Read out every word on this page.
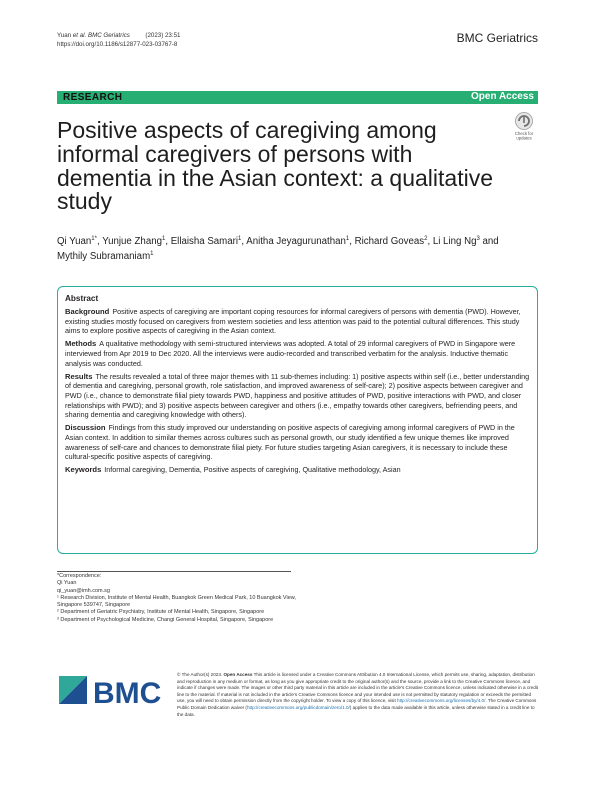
Yuan et al. BMC Geriatrics (2023) 23:51
https://doi.org/10.1186/s12877-023-03767-8	BMC Geriatrics
RESEARCH	Open Access
Positive aspects of caregiving among informal caregivers of persons with dementia in the Asian context: a qualitative study
Check for
updates
Qi Yuan$^{1*}$, Yunjue Zhang$^1$, Ellaisha Samari$^1$, Anitha Jeyagurunathan$^1$, Richard Goveas$^2$, Li Ling Ng$^3$ and Mythily Subramaniam$^1$
Abstract
Background Positive aspects of caregiving are important coping resources for informal caregivers of persons with dementia (PWD). However, existing studies mostly focused on caregivers from western societies and less attention was paid to the potential cultural differences. This study aims to explore positive aspects of caregiving in the Asian context.
Methods A qualitative methodology with semi-structured interviews was adopted. A total of 29 informal caregivers of PWD in Singapore were interviewed from Apr 2019 to Dec 2020. All the interviews were audio-recorded and transcribed verbatim for the analysis. Inductive thematic analysis was conducted.
Results The results revealed a total of three major themes with 11 sub-themes including: 1) positive aspects within self (i.e., better understanding of dementia and caregiving, personal growth, role satisfaction, and improved awareness of self-care); 2) positive aspects between caregiver and PWD (i.e., chance to demonstrate filial piety towards PWD, happiness and positive attitudes of PWD, positive interactions with PWD, and closer relationships with PWD); and 3) positive aspects between caregiver and others (i.e., empathy towards other caregivers, befriending peers, and sharing dementia and caregiving knowledge with others).
Discussion Findings from this study improved our understanding on positive aspects of caregiving among informal caregivers of PWD in the Asian context. In addition to similar themes across cultures such as personal growth, our study identified a few unique themes like improved awareness of self-care and chances to demonstrate filial piety. For future studies targeting Asian caregivers, it is necessary to include these cultural-specific positive aspects of caregiving.
Keywords Informal caregiving, Dementia, Positive aspects of caregiving, Qualitative methodology, Asian
*Correspondence:
Qi Yuan
qi_yuan@imh.com.sg
¹ Research Division, Institute of Mental Health, Buangkok Green Medical Park, 10 Buangkok View, Singapore 539747, Singapore
² Department of Geriatric Psychiatry, Institute of Mental Health, Singapore, Singapore
³ Department of Psychological Medicine, Changi General Hospital, Singapore, Singapore
BMC
© The Author(s) 2023. Open Access This article is licensed under a Creative Commons Attribution 4.0 International License, which permits use, sharing, adaptation, distribution and reproduction in any medium or format, as long as you give appropriate credit to the original author(s) and the source, provide a link to the Creative Commons licence, and indicate if changes were made. The images or other third party material in this article are included in the article's Creative Commons licence, unless indicated otherwise in a credit line to the material. If material is not included in the article's Creative Commons licence and your intended use is not permitted by statutory regulation or exceeds the permitted use, you will need to obtain permission directly from the copyright holder. To view a copy of this licence, visit http://creativecommons.org/licenses/by/4.0/. The Creative Commons Public Domain Dedication waiver (http://creativecommons.org/publicdomain/zero/1.0/) applies to the data made available in this article, unless otherwise stated in a credit line to the data.
